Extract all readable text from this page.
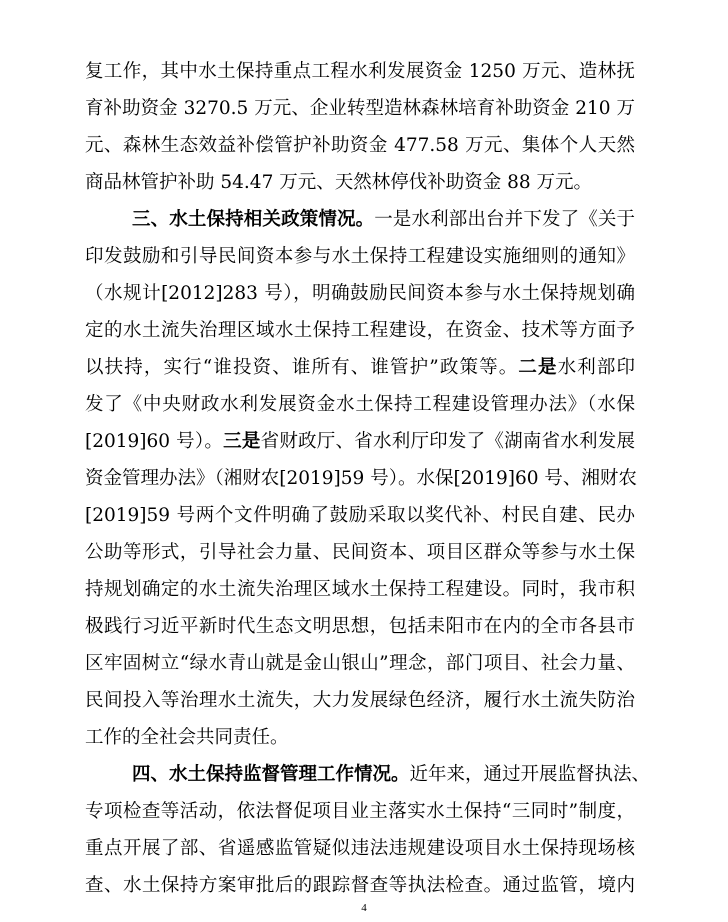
复工作，其中水土保持重点工程水利发展资金 1250 万元、造林抚
育补助资金 3270.5 万元、企业转型造林森林培育补助资金 210 万
元、森林生态效益补偿管护补助资金 477.58 万元、集体个人天然
商品林管护补助 54.47 万元、天然林停伐补助资金 88 万元。
三、水土保持相关政策情况。一是水利部出台并下发了《关于
印发鼓励和引导民间资本参与水土保持工程建设实施细则的通知》
（水规计[2012]283 号），明确鼓励民间资本参与水土保持规划确
定的水土流失治理区域水土保持工程建设，在资金、技术等方面予
以扶持，实行“谁投资、谁所有、谁管护”政策等。二是水利部印
发了《中央财政水利发展资金水土保持工程建设管理办法》（水保
[2019]60 号）。三是省财政厅、省水利厅印发了《湖南省水利发展
资金管理办法》（湘财农[2019]59 号）。水保[2019]60 号、湘财农
[2019]59 号两个文件明确了鼓励采取以奖代补、村民自建、民办
公助等形式，引导社会力量、民间资本、项目区群众等参与水土保
持规划确定的水土流失治理区域水土保持工程建设。同时，我市积
极践行习近平新时代生态文明思想，包括耒阳市在内的全市各县市
区牢固树立“绿水青山就是金山银山”理念，部门项目、社会力量、
民间投入等治理水土流失，大力发展绿色经济，履行水土流失防治
工作的全社会共同责任。
四、水土保持监督管理工作情况。近年来，通过开展监督执法、
专项检查等活动，依法督促项目业主落实水土保持“三同时”制度，
重点开展了部、省遥感监管疑似违法违规建设项目水土保持现场核
查、水土保持方案审批后的跟踪督查等执法检查。通过监管，境内
4
